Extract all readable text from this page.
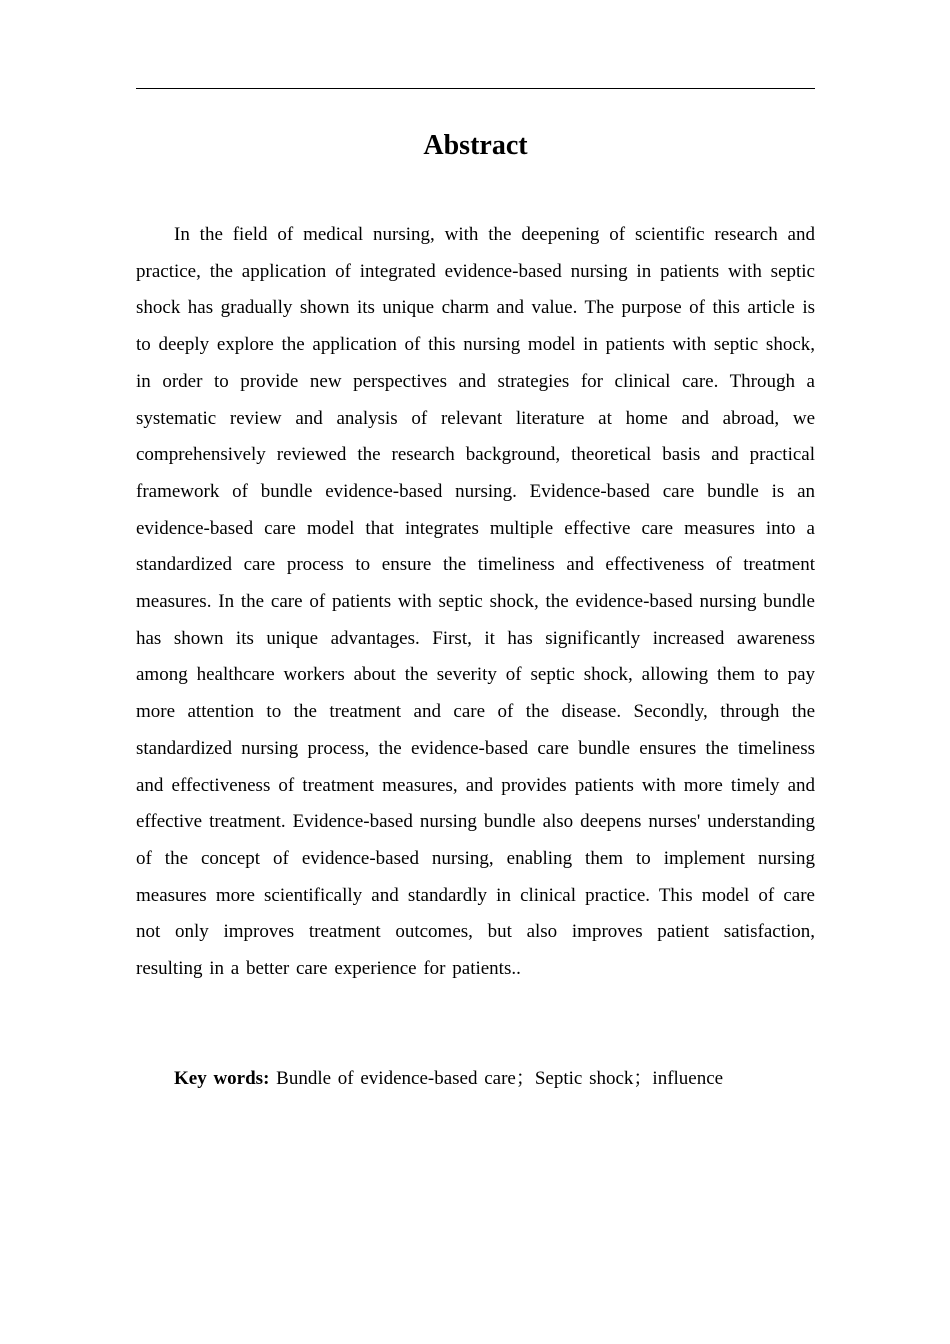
Abstract

In the field of medical nursing, with the deepening of scientific research and practice, the application of integrated evidence-based nursing in patients with septic shock has gradually shown its unique charm and value. The purpose of this article is to deeply explore the application of this nursing model in patients with septic shock, in order to provide new perspectives and strategies for clinical care. Through a systematic review and analysis of relevant literature at home and abroad, we comprehensively reviewed the research background, theoretical basis and practical framework of bundle evidence-based nursing. Evidence-based care bundle is an evidence-based care model that integrates multiple effective care measures into a standardized care process to ensure the timeliness and effectiveness of treatment measures. In the care of patients with septic shock, the evidence-based nursing bundle has shown its unique advantages. First, it has significantly increased awareness among healthcare workers about the severity of septic shock, allowing them to pay more attention to the treatment and care of the disease. Secondly, through the standardized nursing process, the evidence-based care bundle ensures the timeliness and effectiveness of treatment measures, and provides patients with more timely and effective treatment. Evidence-based nursing bundle also deepens nurses' understanding of the concept of evidence-based nursing, enabling them to implement nursing measures more scientifically and standardly in clinical practice. This model of care not only improves treatment outcomes, but also improves patient satisfaction, resulting in a better care experience for patients..

Key words: Bundle of evidence-based care；Septic shock；influence
